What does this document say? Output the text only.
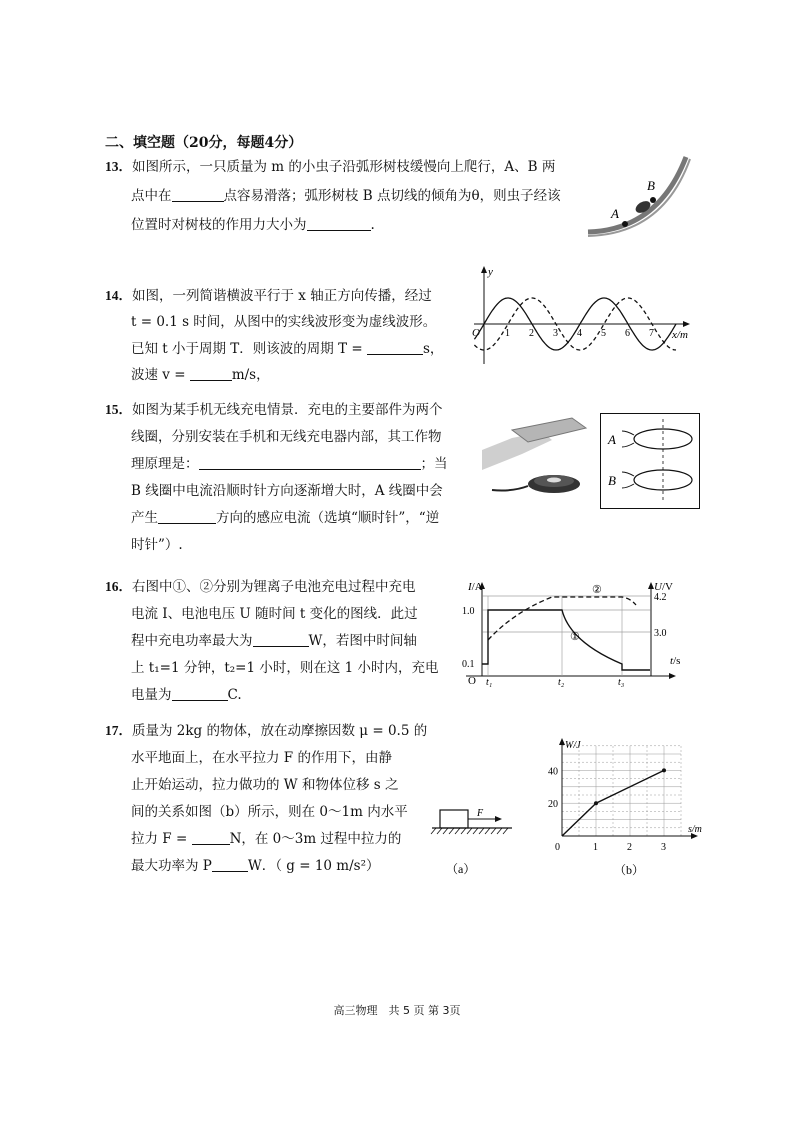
二、填空题（20分，每题4分）
13．如图所示，一只质量为 m 的小虫子沿弧形树枝缓慢向上爬行，A、B 两
点中在	点容易滑落；弧形树枝 B 点切线的倾角为θ，则虫子经该
位置时对树枝的作用力大小为	.
A
B
14．如图，一列简谐横波平行于 x 轴正方向传播，经过
t = 0.1 s 时间，从图中的实线波形变为虚线波形。
已知 t 小于周期 T．则该波的周期 T =	s，
波速 v =	m/s，
y
x/m
O	1 2 3 4 5 6 7
15．如图为某手机无线充电情景．充电的主要部件为两个
线圈，分别安装在手机和无线充电器内部，其工作物
理原理是：	；当
B 线圈中电流沿顺时针方向逐渐增大时，A 线圈中会
产生	方向的感应电流（选填“顺时针”，“逆
时针”）.
A
B
16．右图中①、②分别为锂离子电池充电过程中充电
电流 I、电池电压 U 随时间 t 变化的图线．此过
程中充电功率最大为	W，若图中时间轴
上 t₁=1 分钟，t₂=1 小时，则在这 1 小时内，充电
电量为	C.
I/A	U/V
t/s
1.0
0.1
4.2
3.0
O t₁	t₂	t₃
①
②
17．质量为 2kg 的物体，放在动摩擦因数 μ = 0.5 的
水平地面上，在水平拉力 F 的作用下，由静
止开始运动，拉力做功的 W 和物体位移 s 之
间的关系如图（b）所示，则在 0～1m 内水平
拉力 F =	N，在 0～3m 过程中拉力的
最大功率为 P	W．（ g = 10 m/s²）
F
（a）
W/J
s/m
0	1	2	3
20
40
（b）
高三物理　共 5 页 第 3页
